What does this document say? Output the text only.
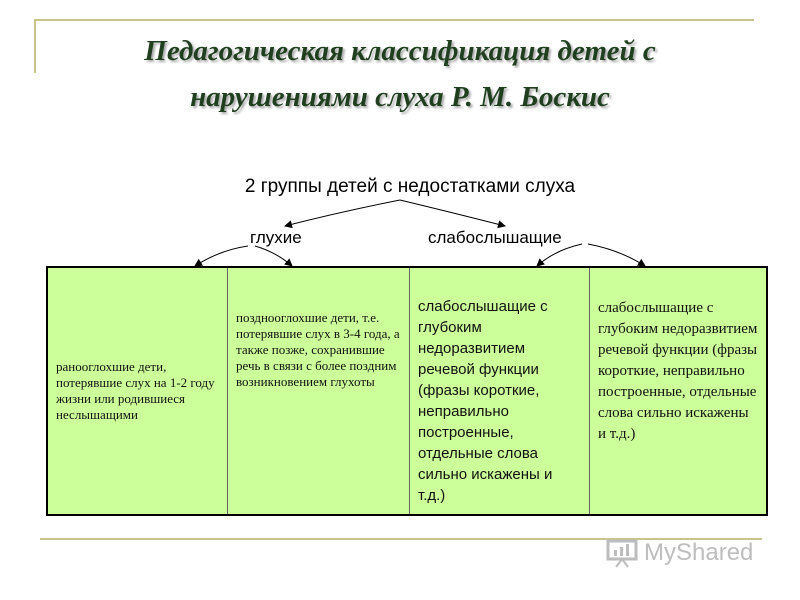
Педагогическая классификация детей с
нарушениями слуха Р. М. Боскис
2 группы детей с недостатками слуха
глухие	слабослышащие
раноoглохшие дети, потерявшие слух на 1-2 году жизни или родившиеся неслышащими
позднооглохшие дети, т.е. потерявшие слух в 3-4 года, а также позже, сохранившие речь в связи с более поздним возникновением глухоты
слабослышащие с глубоким недоразвитием речевой функции (фразы короткие, неправильно построенные, отдельные слова сильно искажены и т.д.)
слабослышащие с глубоким недоразвитием речевой функции (фразы короткие, неправильно построенные, отдельные слова сильно искажены и т.д.)
MyShared
